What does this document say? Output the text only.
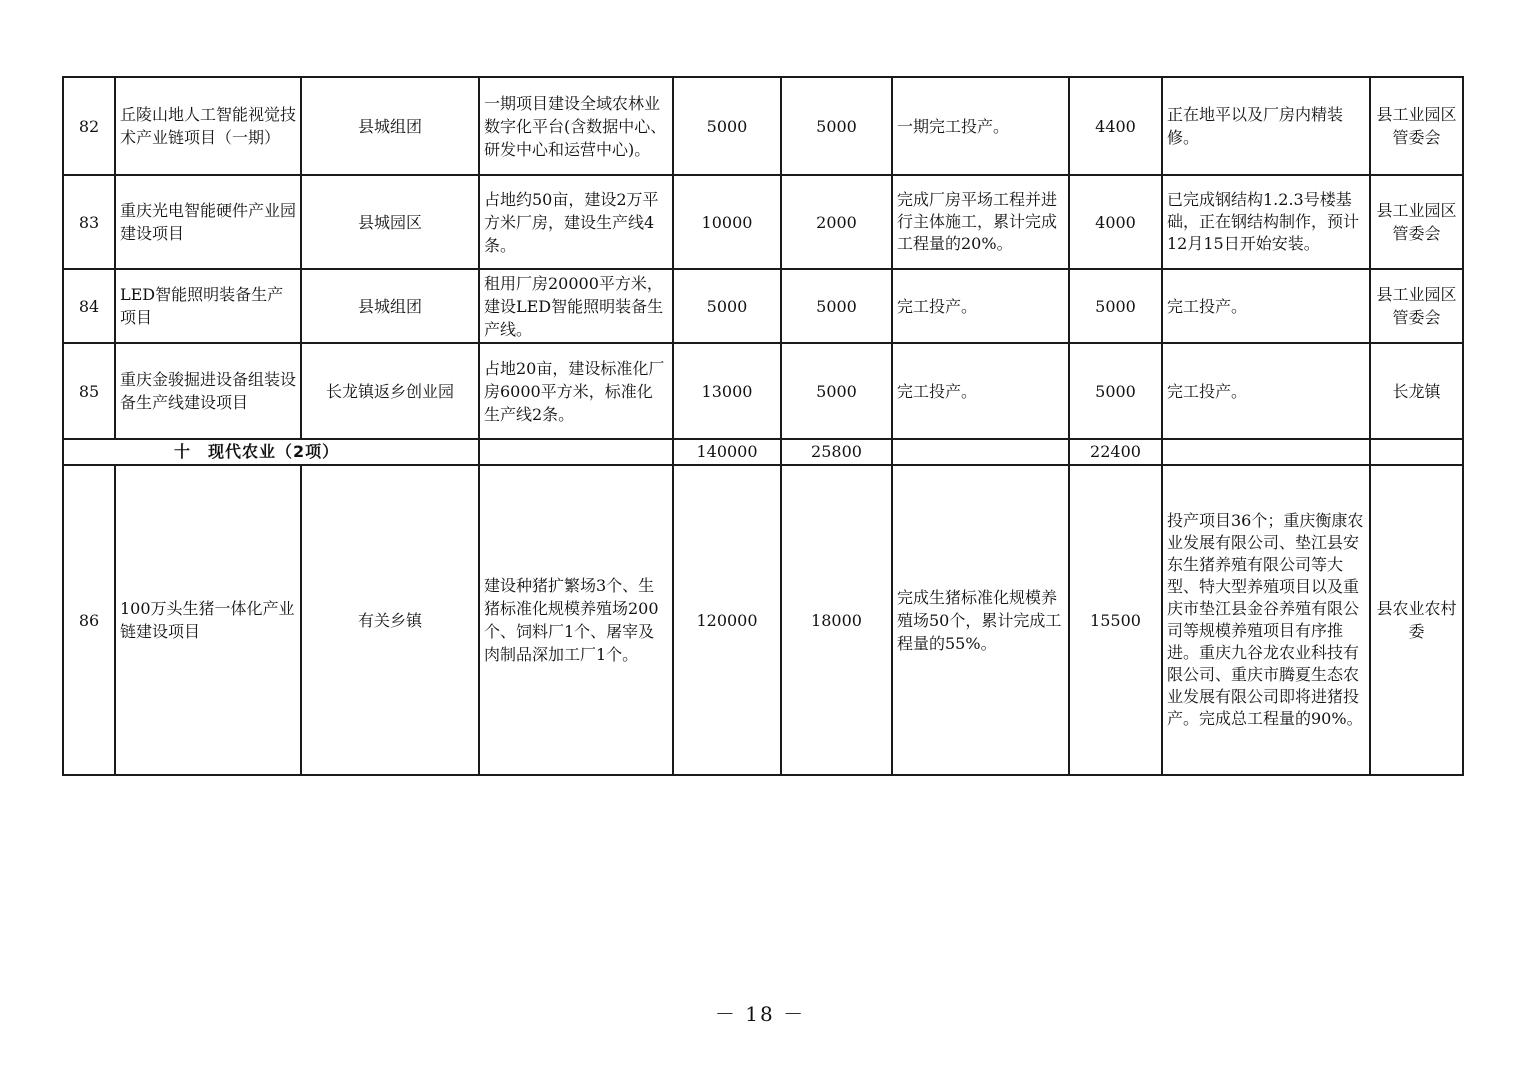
82	丘陵山地人工智能视觉技术产业链项目（一期）	县城组团	一期项目建设全域农林业数字化平台(含数据中心、研发中心和运营中心)。	5000	5000	一期完工投产。	4400	正在地平以及厂房内精装修。	县工业园区管委会
83	重庆光电智能硬件产业园建设项目	县城园区	占地约50亩，建设2万平方米厂房，建设生产线4条。	10000	2000	完成厂房平场工程并进行主体施工，累计完成工程量的20%。	4000	已完成钢结构1.2.3号楼基础，正在钢结构制作，预计12月15日开始安装。	县工业园区管委会
84	LED智能照明装备生产项目	县城组团	租用厂房20000平方米，建设LED智能照明装备生产线。	5000	5000	完工投产。	5000	完工投产。	县工业园区管委会
85	重庆金骏掘进设备组装设备生产线建设项目	长龙镇返乡创业园	占地20亩，建设标准化厂房6000平方米，标准化生产线2条。	13000	5000	完工投产。	5000	完工投产。	长龙镇
十　现代农业（2项）				140000	25800		22400		
86	100万头生猪一体化产业链建设项目	有关乡镇	建设种猪扩繁场3个、生猪标准化规模养殖场200个、饲料厂1个、屠宰及肉制品深加工厂1个。	120000	18000	完成生猪标准化规模养殖场50个，累计完成工程量的55%。	15500	投产项目36个；重庆衡康农业发展有限公司、垫江县安东生猪养殖有限公司等大型、特大型养殖项目以及重庆市垫江县金谷养殖有限公司等规模养殖项目有序推进。重庆九谷龙农业科技有限公司、重庆市腾夏生态农业发展有限公司即将进猪投产。完成总工程量的90%。	县农业农村委
－ 18 －
